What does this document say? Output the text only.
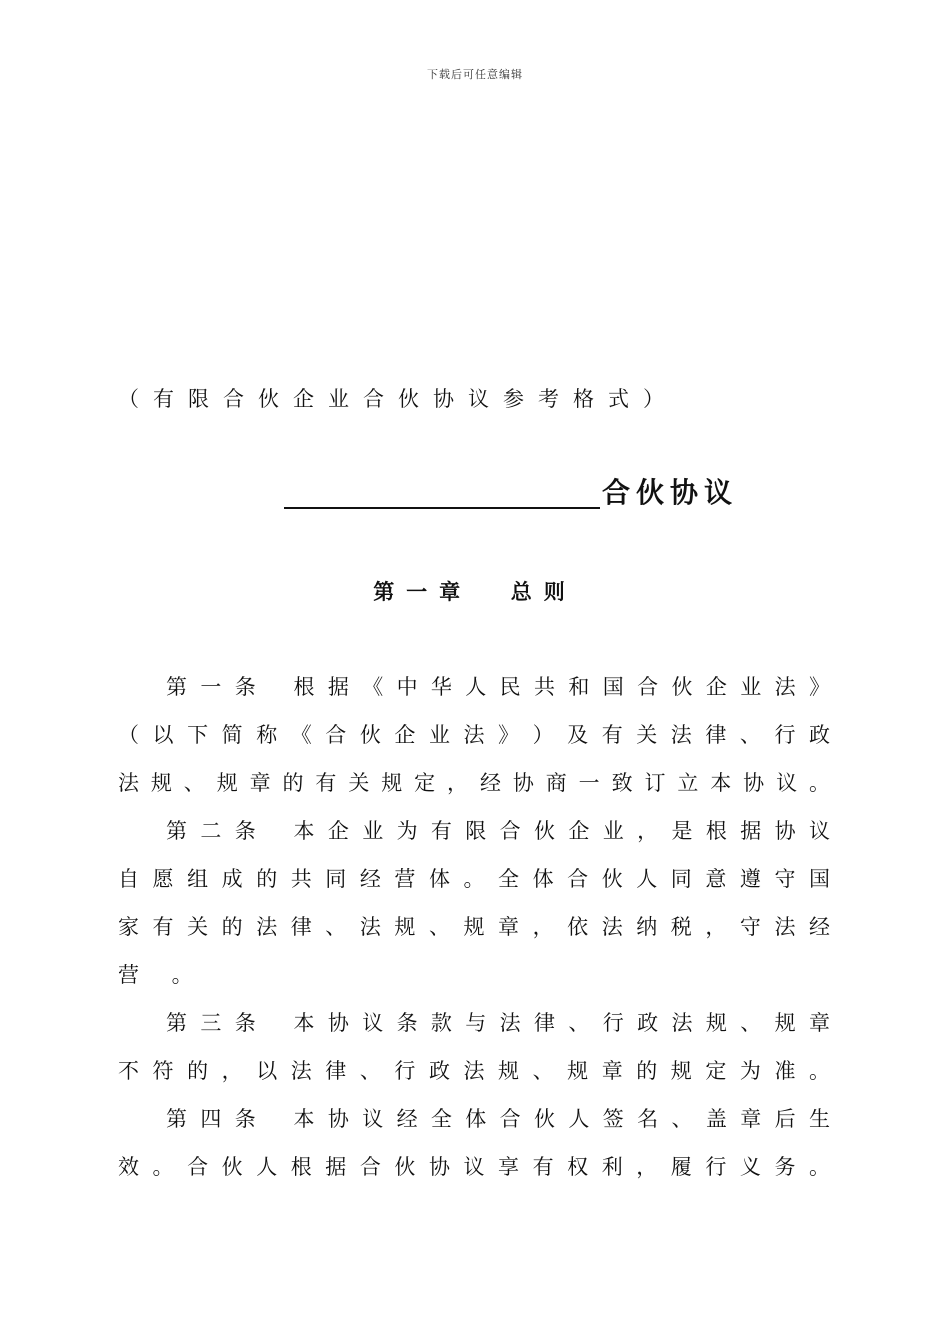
下载后可任意编辑
（有限合伙企业合伙协议参考格式）
合伙协议
第一章  总则
第 一 条　 根 据 《 中 华 人 民 共 和 国 合 伙 企 业 法 》
（ 以 下 简 称 《 合 伙 企 业 法 》 ） 及 有 关 法 律 、 行 政
法 规 、 规 章 的 有 关 规 定 ， 经 协 商 一 致 订 立 本 协 议 。
第 二 条　 本 企 业 为 有 限 合 伙 企 业 ， 是 根 据 协 议
自 愿 组 成 的 共 同 经 营 体 。 全 体 合 伙 人 同 意 遵 守 国
家 有 关 的 法 律 、 法 规 、 规 章 ， 依 法 纳 税 ， 守 法 经
营 。
第 三 条　 本 协 议 条 款 与 法 律 、 行 政 法 规 、 规 章
不 符 的 ， 以 法 律 、 行 政 法 规 、 规 章 的 规 定 为 准 。
第 四 条　 本 协 议 经 全 体 合 伙 人 签 名 、 盖 章 后 生
效 。 合 伙 人 根 据 合 伙 协 议 享 有 权 利 ， 履 行 义 务 。
